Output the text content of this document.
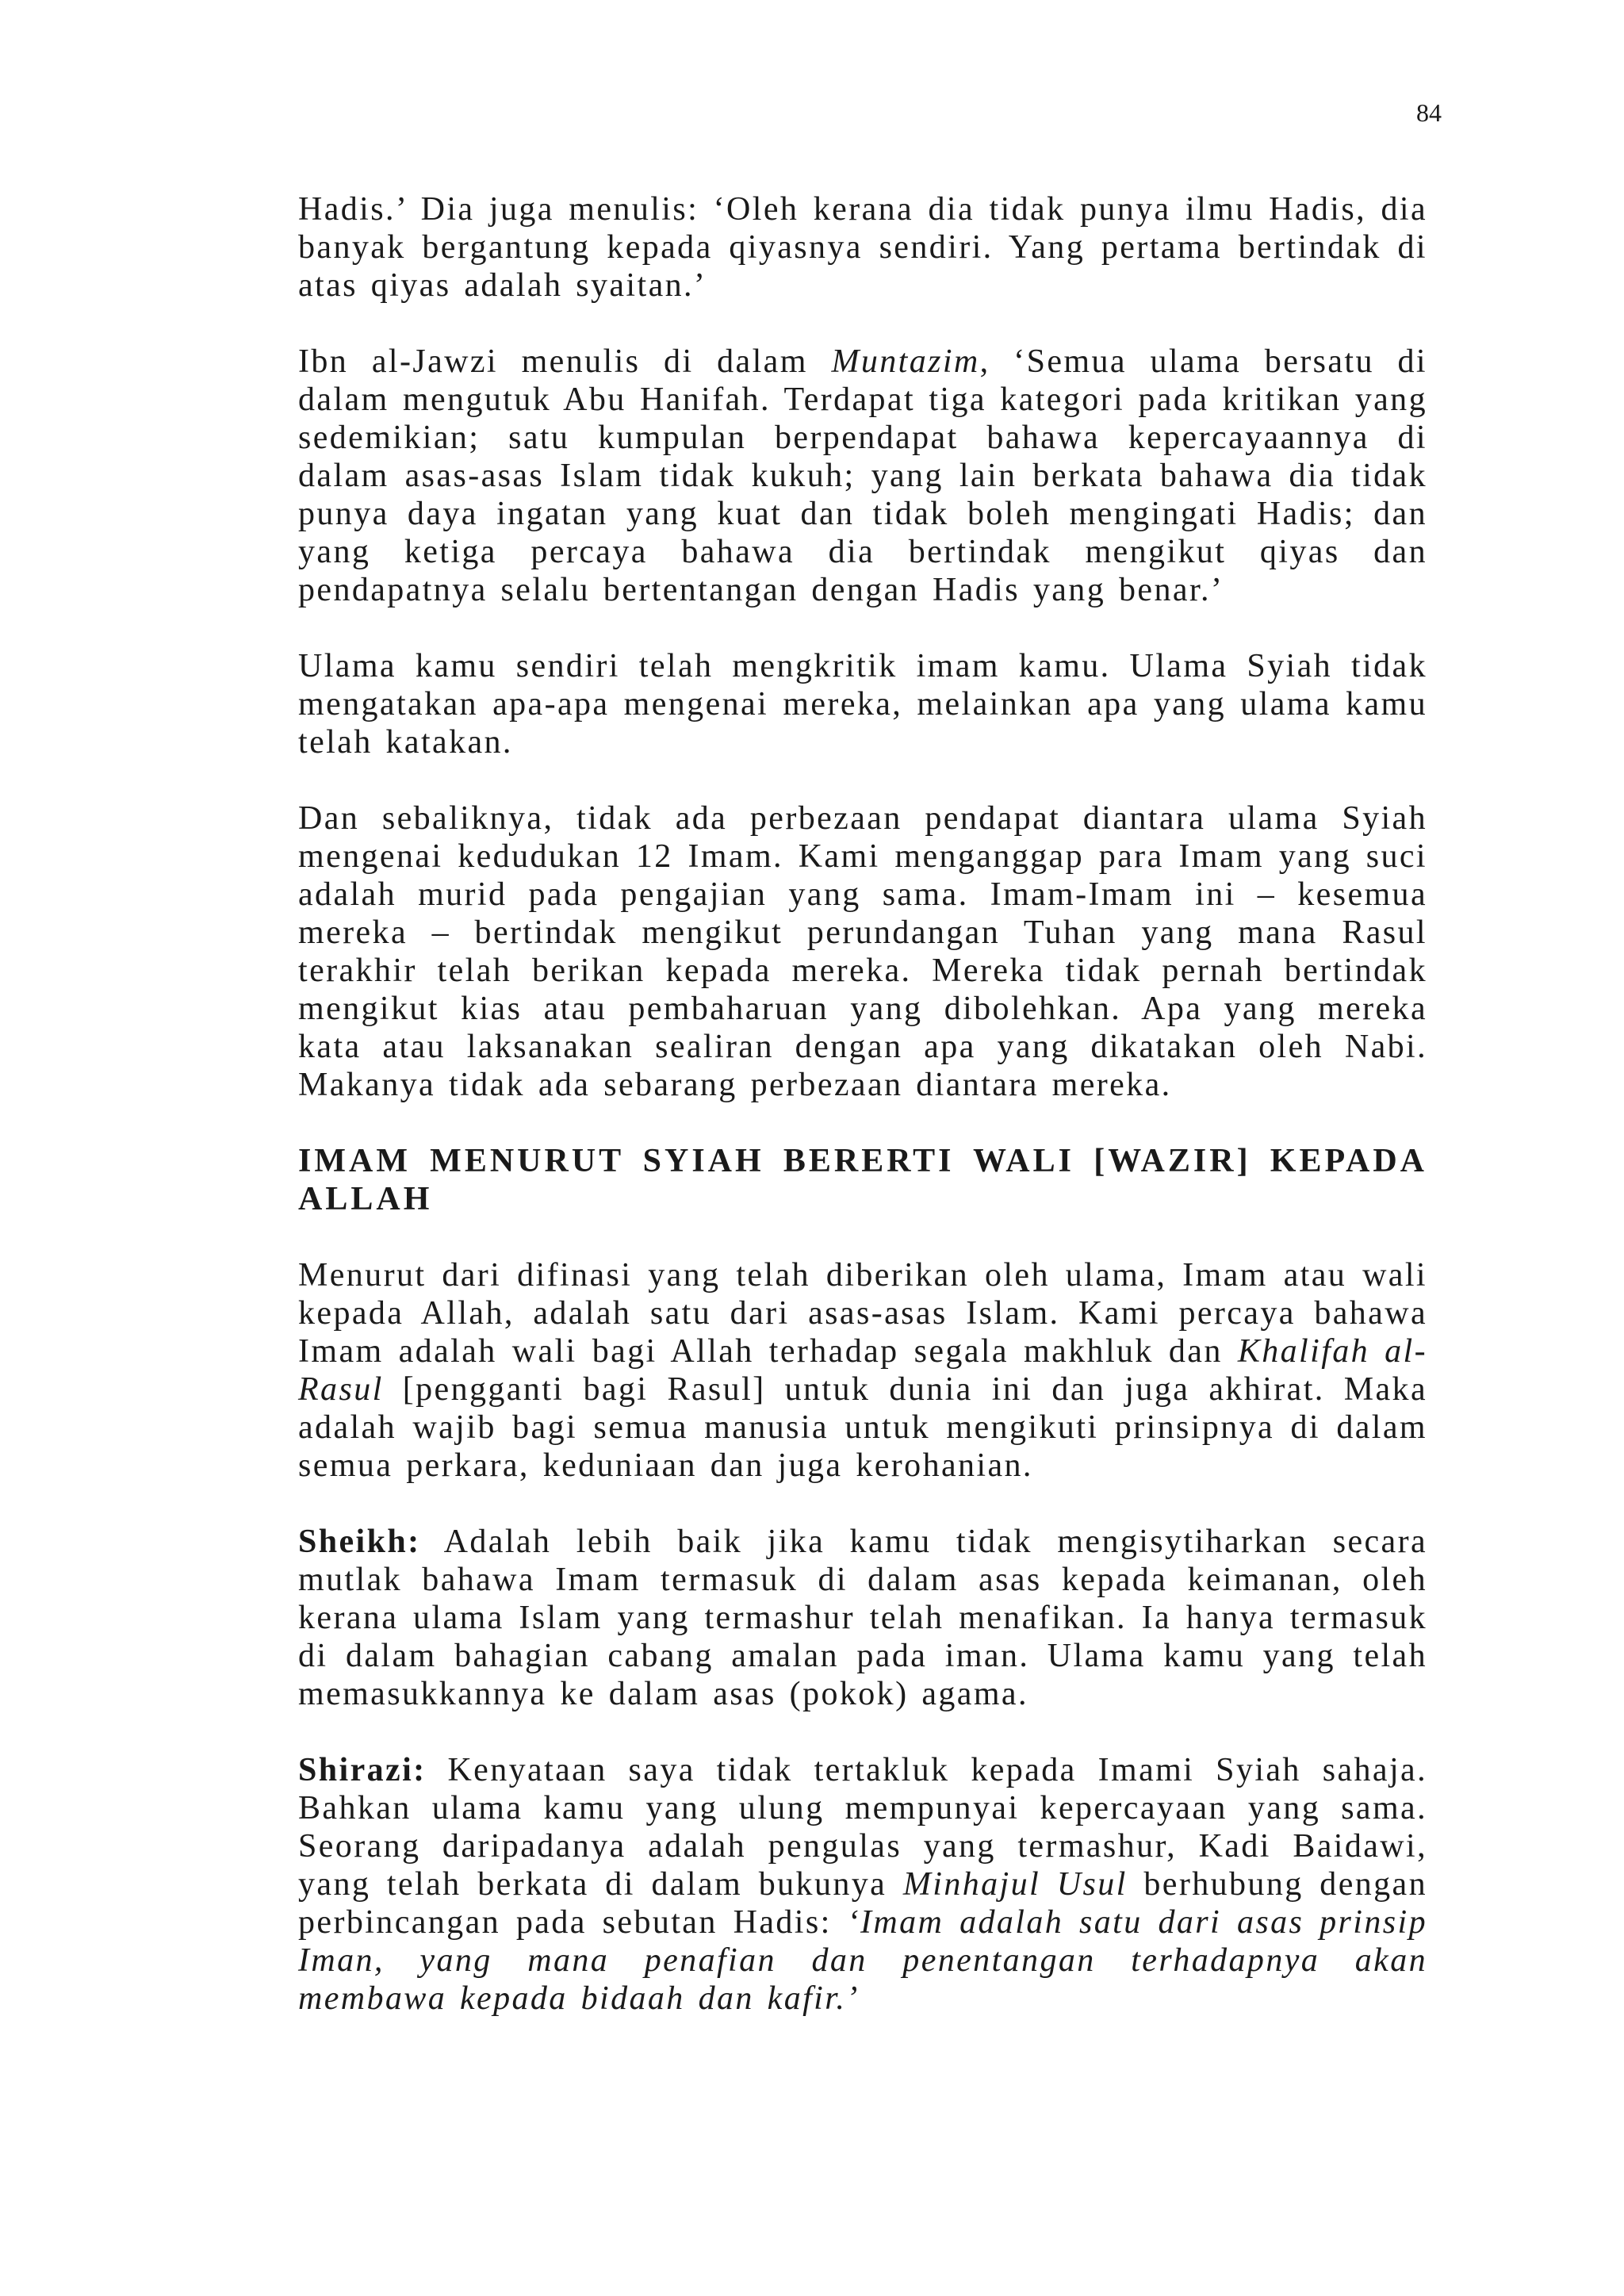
84

Hadis.’ Dia juga menulis: ‘Oleh kerana dia tidak punya ilmu Hadis, dia banyak bergantung kepada qiyasnya sendiri. Yang pertama bertindak di atas qiyas adalah syaitan.’

Ibn al-Jawzi menulis di dalam Muntazim, ‘Semua ulama bersatu di dalam mengutuk Abu Hanifah. Terdapat tiga kategori pada kritikan yang sedemikian; satu kumpulan berpendapat bahawa kepercayaannya di dalam asas-asas Islam tidak kukuh; yang lain berkata bahawa dia tidak punya daya ingatan yang kuat dan tidak boleh mengingati Hadis; dan yang ketiga percaya bahawa dia bertindak mengikut qiyas dan pendapatnya selalu bertentangan dengan Hadis yang benar.’

Ulama kamu sendiri telah mengkritik imam kamu. Ulama Syiah tidak mengatakan apa-apa mengenai mereka, melainkan apa yang ulama kamu telah katakan.

Dan sebaliknya, tidak ada perbezaan pendapat diantara ulama Syiah mengenai kedudukan 12 Imam. Kami menganggap para Imam yang suci adalah murid pada pengajian yang sama. Imam-Imam ini – kesemua mereka – bertindak mengikut perundangan Tuhan yang mana Rasul terakhir telah berikan kepada mereka. Mereka tidak pernah bertindak mengikut kias atau pembaharuan yang dibolehkan. Apa yang mereka kata atau laksanakan sealiran dengan apa yang dikatakan oleh Nabi. Makanya tidak ada sebarang perbezaan diantara mereka.

IMAM MENURUT SYIAH BERERTI WALI [WAZIR] KEPADA ALLAH

Menurut dari difinasi yang telah diberikan oleh ulama, Imam atau wali kepada Allah, adalah satu dari asas-asas Islam. Kami percaya bahawa Imam adalah wali bagi Allah terhadap segala makhluk dan Khalifah al-Rasul [pengganti bagi Rasul] untuk dunia ini dan juga akhirat. Maka adalah wajib bagi semua manusia untuk mengikuti prinsipnya di dalam semua perkara, keduniaan dan juga kerohanian.

Sheikh: Adalah lebih baik jika kamu tidak mengisytiharkan secara mutlak bahawa Imam termasuk di dalam asas kepada keimanan, oleh kerana ulama Islam yang termashur telah menafikan. Ia hanya termasuk di dalam bahagian cabang amalan pada iman. Ulama kamu yang telah memasukkannya ke dalam asas (pokok) agama.

Shirazi: Kenyataan saya tidak tertakluk kepada Imami Syiah sahaja. Bahkan ulama kamu yang ulung mempunyai kepercayaan yang sama. Seorang daripadanya adalah pengulas yang termashur, Kadi Baidawi, yang telah berkata di dalam bukunya Minhajul Usul berhubung dengan perbincangan pada sebutan Hadis: ‘Imam adalah satu dari asas prinsip Iman, yang mana penafian dan penentangan terhadapnya akan membawa kepada bidaah dan kafir.’
